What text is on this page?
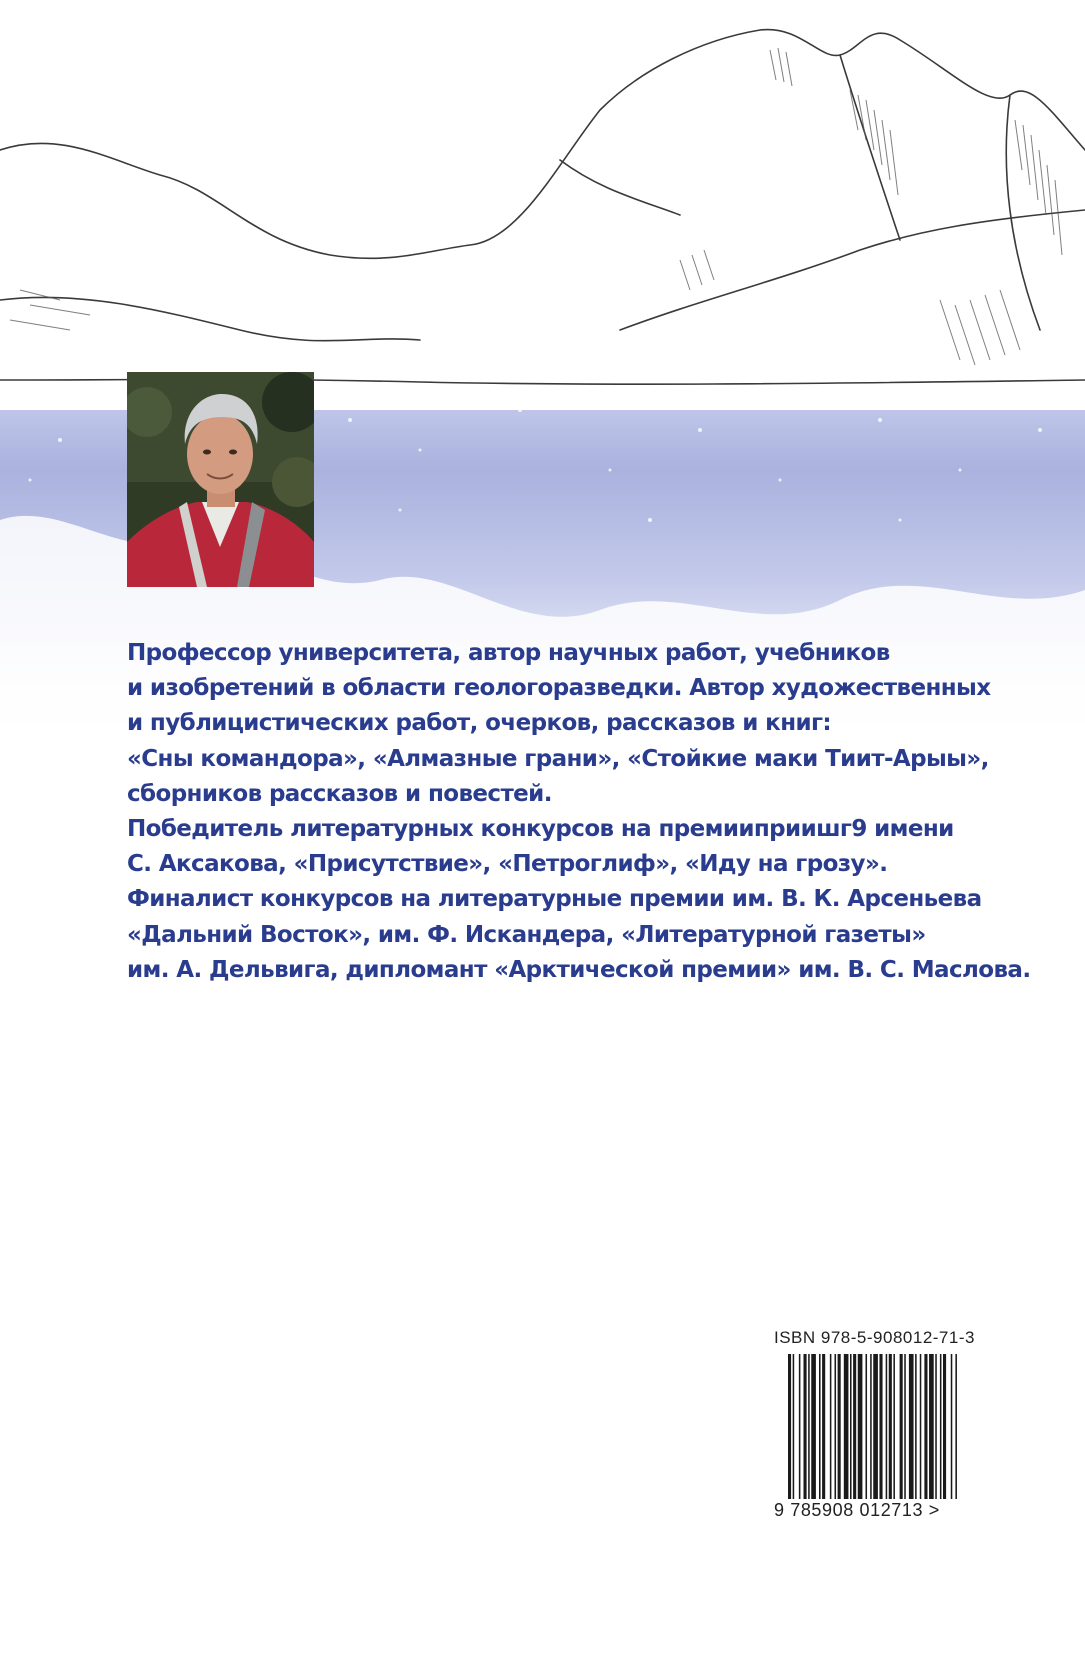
Профессор университета, автор научных работ, учебников
и изобретений в области геологоразведки. Автор художественных
и публицистических работ, очерков, рассказов и книг:
«Сны командора», «Алмазные грани», «Стойкие маки Тиит-Арыы»,
сборников рассказов и повестей.
Победитель литературных конкурсов на премииприишг9 имени
С. Аксакова, «Присутствие», «Петроглиф», «Иду на грозу».
Финалист конкурсов на литературные премии им. В. К. Арсеньева
«Дальний Восток», им. Ф. Искандера, «Литературной газеты»
им. А. Дельвига, дипломант «Арктической премии» им. В. С. Маслова.
ISBN 978-5-908012-71-3
9 785908 012713 >
